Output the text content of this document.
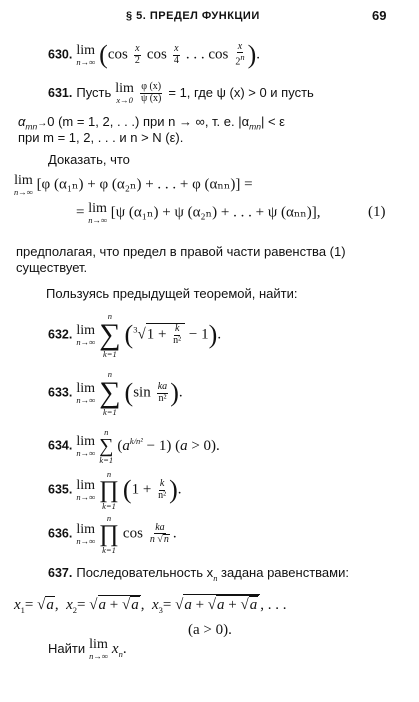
§ 5. ПРЕДЕЛ ФУНКЦИИ	69
630. lim
n→∞ ($\cos \frac{x}{2}$ $\cos \frac{x}{4}$ . . . $\cos \frac{x}{2^n}$ ).
631. Пусть lim
x→0
$\frac{\varphi (x)}{\psi (x)} = 1$, где ψ (x) > 0 и пусть
$\alpha_{mn}\to 0$ (m = 1, 2, . . .) при n → ∞, т. е. $|\alpha_{mn}| < \varepsilon$
при m = 1, 2, . . . и n > N (ε).
Доказать, что
lim
n→∞ [φ (α₁ₙ) + φ (α₂ₙ) + . . . + φ (αₙₙ)] =
= lim
n→∞ [ψ (α₁ₙ) + ψ (α₂ₙ) + . . . + ψ (αₙₙ)],	(1)
предполагая, что предел в правой части равенства (1)
существует.
Пользуясь предыдущей теоремой, найти:
632. lim
n→∞

n
∑
k=1
$(^3√1 + \frac{k}{\text{n²}} - 1)$.
633. lim
n→∞

n
∑
k=1
($\sin \frac{ka}{\text{n²}}$ ).
634. lim
n→∞

n
∑
k=1
$(a^{k/n^2} - 1) (a > 0)$.
635. lim
n→∞

n
∏
k=1
($1 + \frac{k}{\text{n²}}$ ).
636. lim
n→∞

n
∏
k=1
$\cos \frac{ka}{n √n}$ .
637. Последовательность $x_n$ задана равенствами:
$x_1= √a$,  $x_2= √a + √a$ ,  $x_3= √a + √a + √a$ , . . .
(a > 0).
Найти lim
n→∞ $x_n$.
